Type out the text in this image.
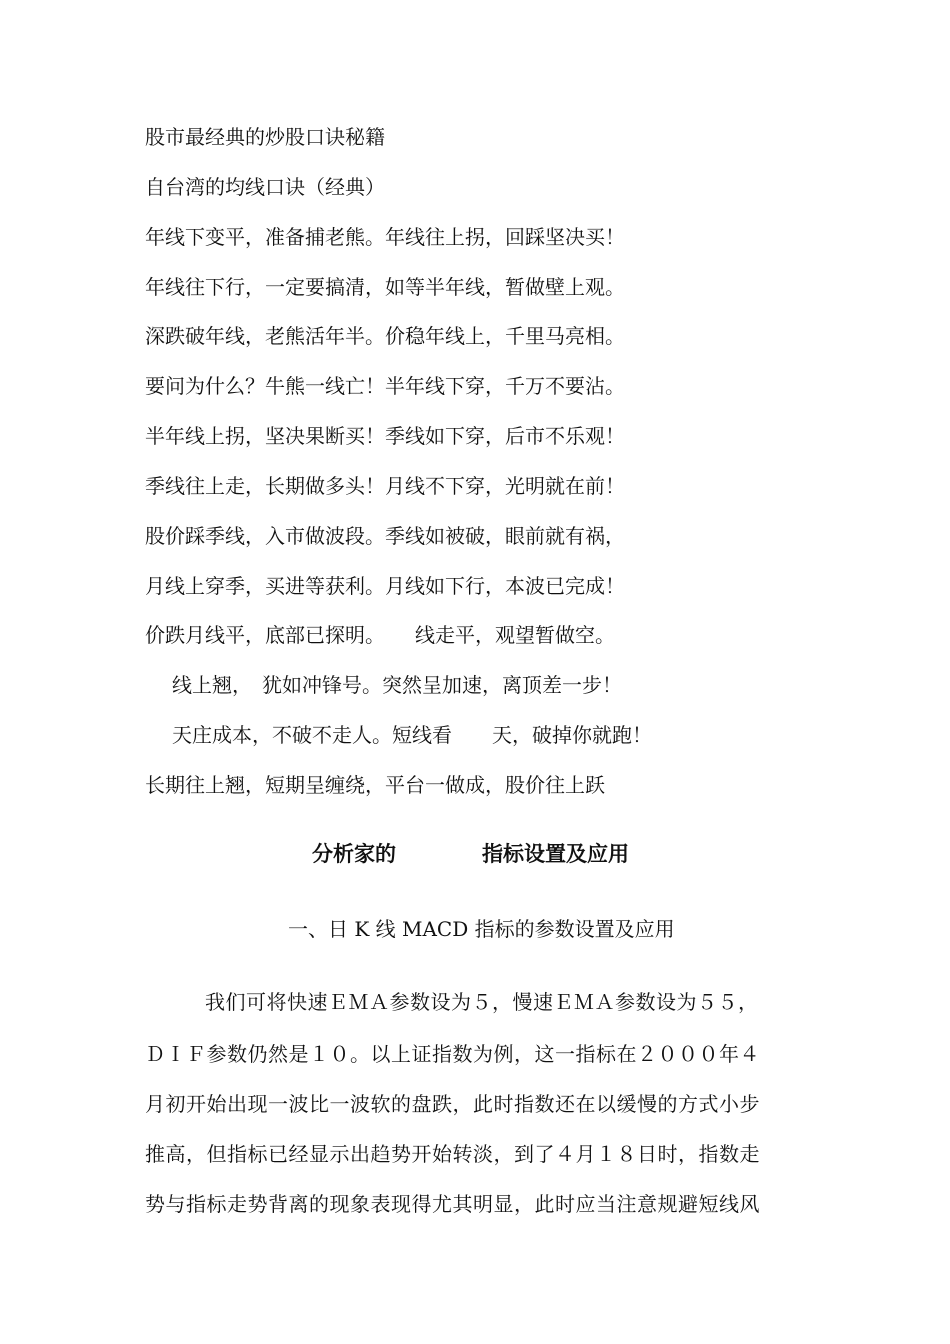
股市最经典的炒股口诀秘籍
自台湾的均线口诀（经典）
年线下变平，准备捕老熊。年线往上拐，回踩坚决买！
年线往下行，一定要搞清，如等半年线，暂做壁上观。
深跌破年线，老熊活年半。价稳年线上，千里马亮相。
要问为什么？牛熊一线亡！半年线下穿，千万不要沾。
半年线上拐，坚决果断买！季线如下穿，后市不乐观！
季线往上走，长期做多头！月线不下穿，光明就在前！
股价踩季线，入市做波段。季线如被破，眼前就有祸，
月线上穿季，买进等获利。月线如下行，本波已完成！
价跌月线平，底部已探明。　　线走平，观望暂做空。
线上翘，　犹如冲锋号。突然呈加速，离顶差一步！
天庄成本，不破不走人。短线看　　天，破掉你就跑！
长期往上翘，短期呈缠绕，平台一做成，股价往上跃
分析家的	指标设置及应用
一、日 K 线 MACD 指标的参数设置及应用
我们可将快速ＥＭＡ参数设为５，慢速ＥＭＡ参数设为５５，
ＤＩＦ参数仍然是１０。以上证指数为例，这一指标在２０００年４
月初开始出现一波比一波软的盘跌，此时指数还在以缓慢的方式小步
推高，但指标已经显示出趋势开始转淡，到了４月１８日时，指数走
势与指标走势背离的现象表现得尤其明显，此时应当注意规避短线风
